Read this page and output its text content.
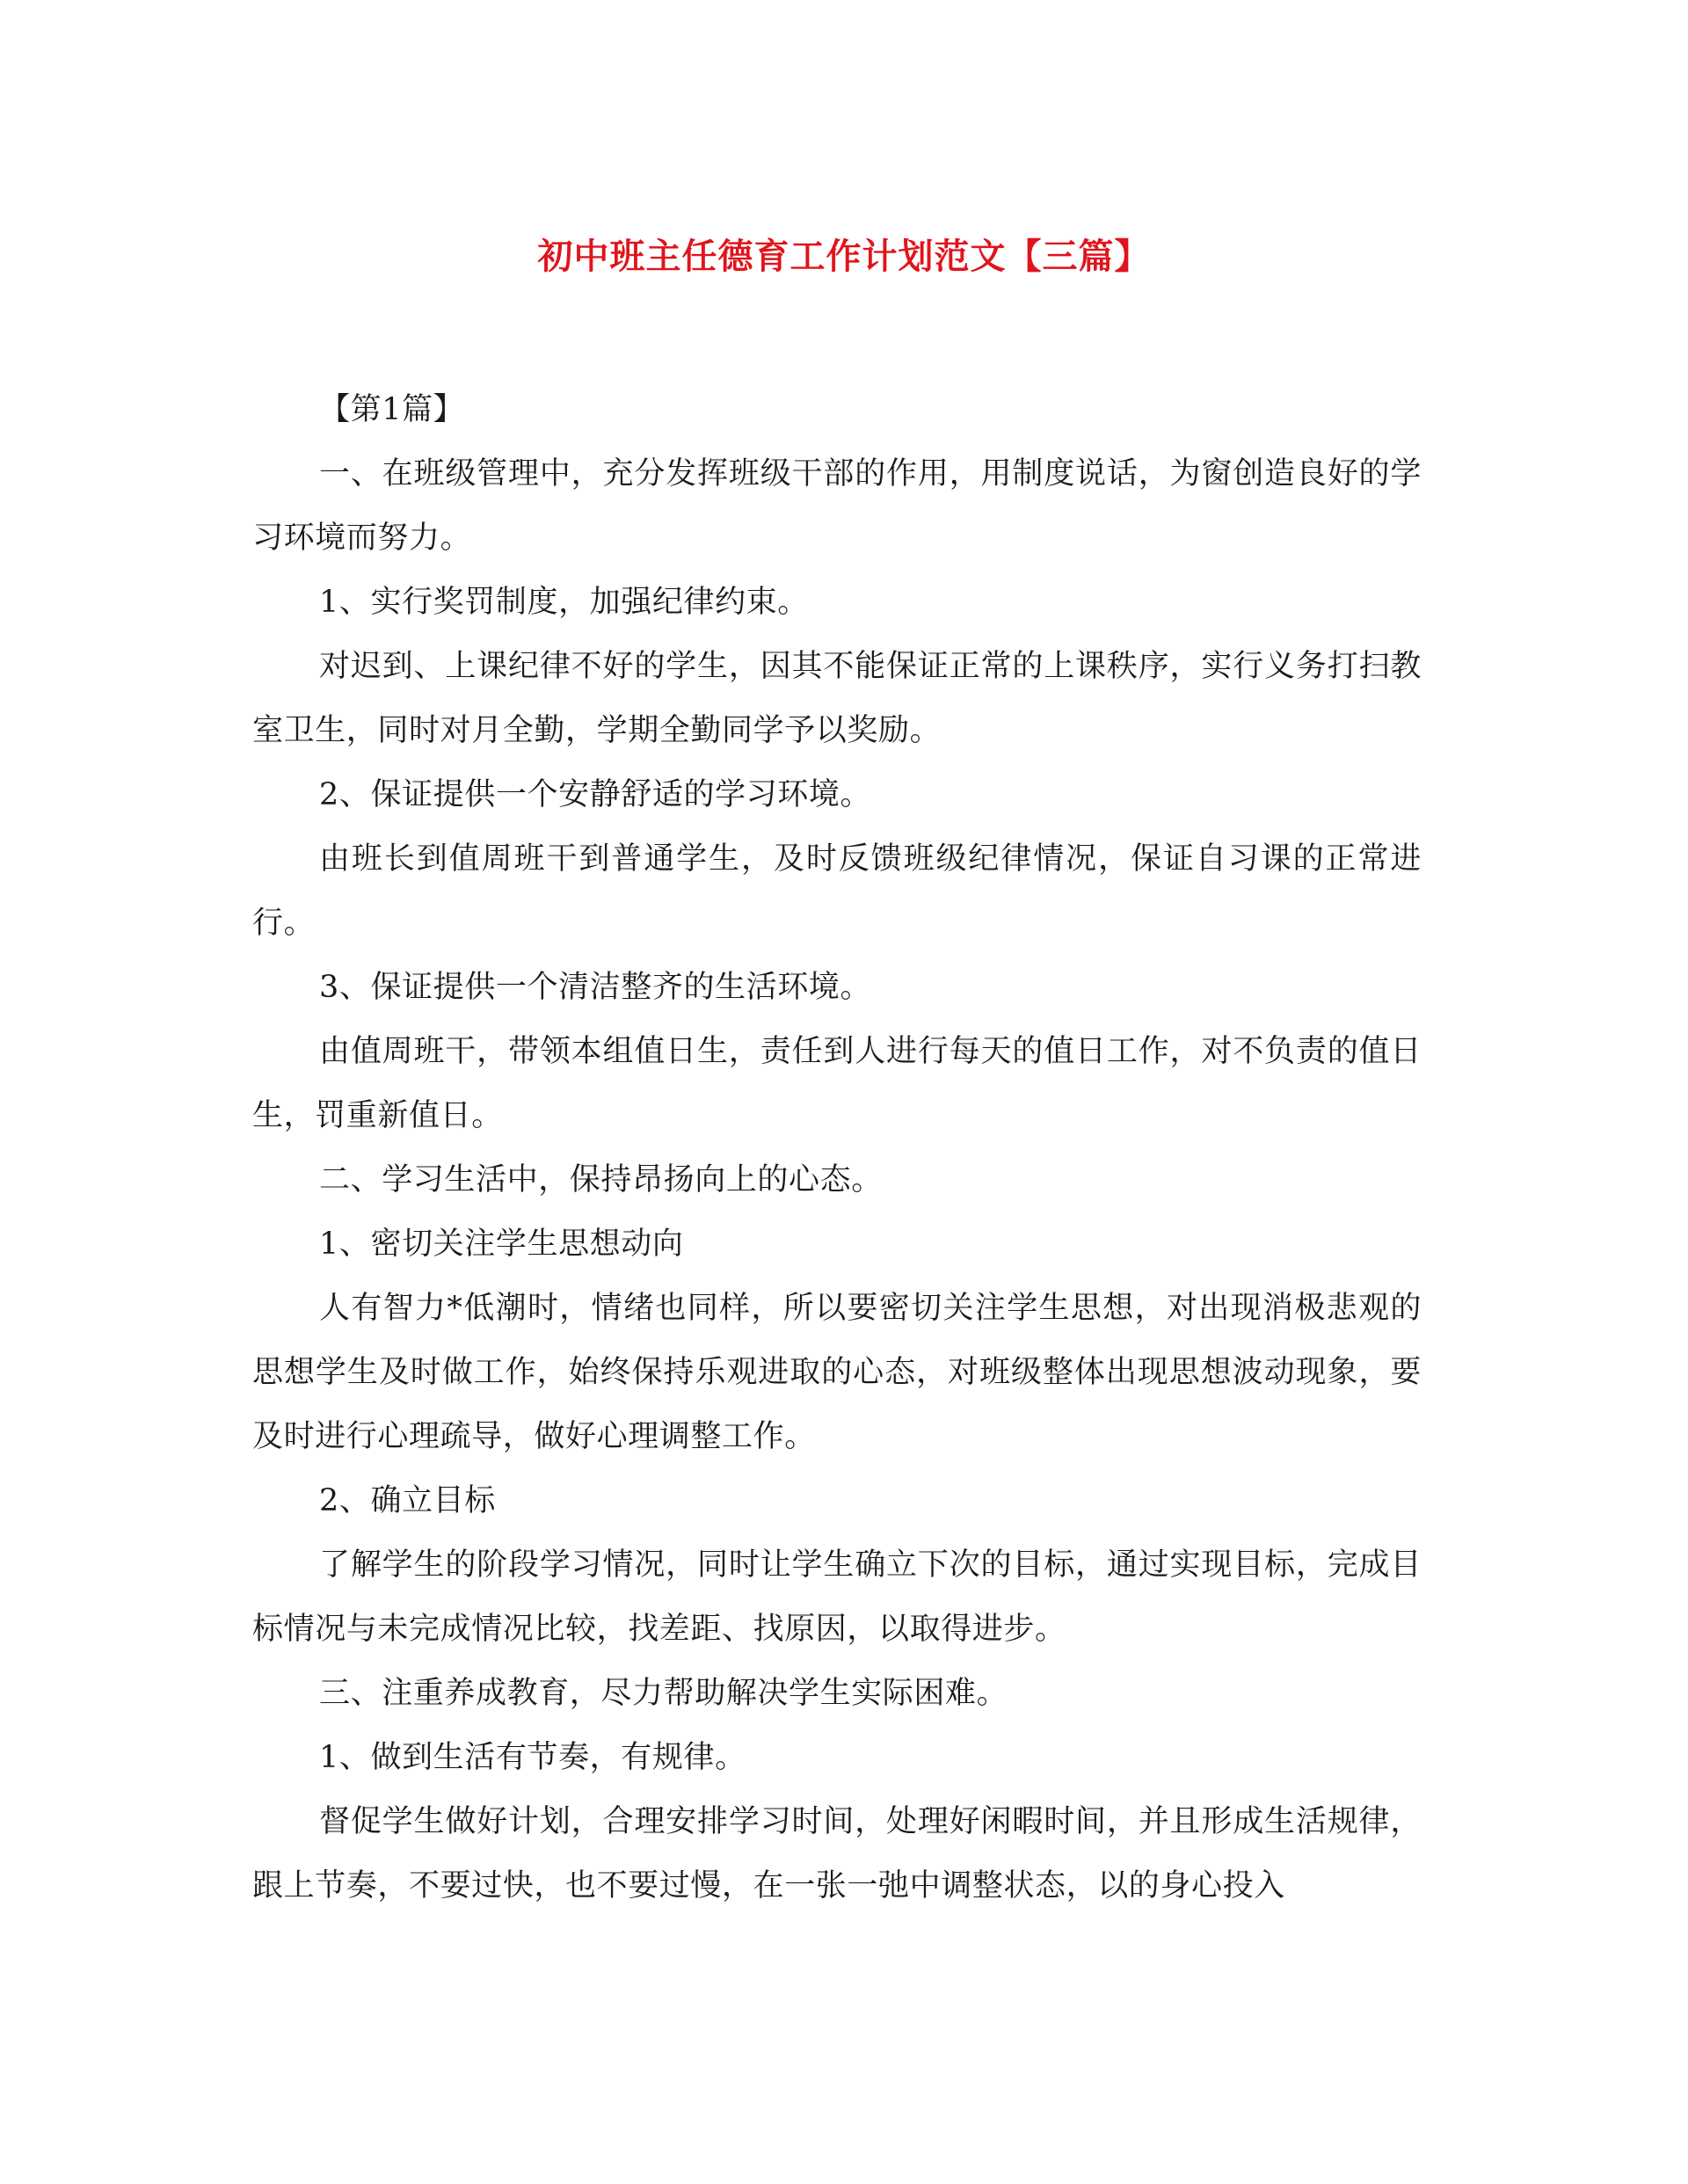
初中班主任德育工作计划范文【三篇】

【第1篇】

一、在班级管理中，充分发挥班级干部的作用，用制度说话，为窗创造良好的学习环境而努力。

1、实行奖罚制度，加强纪律约束。

对迟到、上课纪律不好的学生，因其不能保证正常的上课秩序，实行义务打扫教室卫生，同时对月全勤，学期全勤同学予以奖励。

2、保证提供一个安静舒适的学习环境。

由班长到值周班干到普通学生，及时反馈班级纪律情况，保证自习课的正常进行。

3、保证提供一个清洁整齐的生活环境。

由值周班干，带领本组值日生，责任到人进行每天的值日工作，对不负责的值日生，罚重新值日。

二、学习生活中，保持昂扬向上的心态。

1、密切关注学生思想动向

人有智力*低潮时，情绪也同样，所以要密切关注学生思想，对出现消极悲观的思想学生及时做工作，始终保持乐观进取的心态，对班级整体出现思想波动现象，要及时进行心理疏导，做好心理调整工作。

2、确立目标

了解学生的阶段学习情况，同时让学生确立下次的目标，通过实现目标，完成目标情况与未完成情况比较，找差距、找原因，以取得进步。

三、注重养成教育，尽力帮助解决学生实际困难。

1、做到生活有节奏，有规律。

督促学生做好计划，合理安排学习时间，处理好闲暇时间，并且形成生活规律，跟上节奏，不要过快，也不要过慢，在一张一弛中调整状态，以的身心投入
